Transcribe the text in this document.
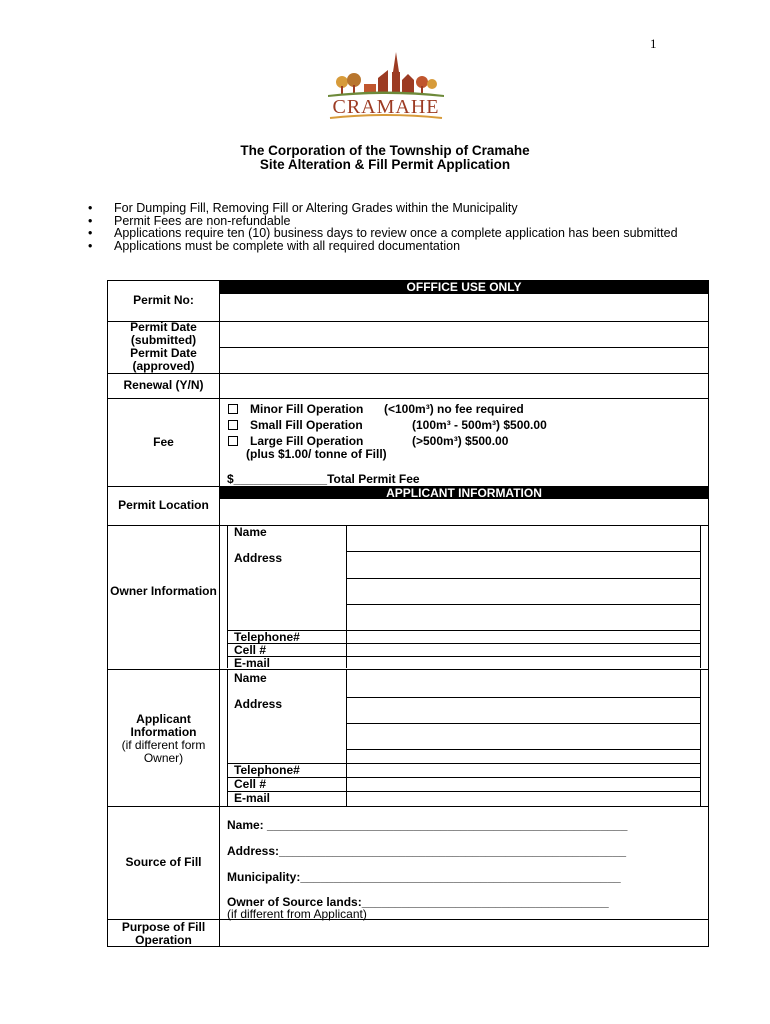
1
CRAMAHE
The Corporation of the Township of Cramahe
Site Alteration & Fill Permit Application
• For Dumping Fill, Removing Fill or Altering Grades within the Municipality
• Permit Fees are non-refundable
• Applications require ten (10) business days to review once a complete application has been submitted
• Applications must be complete with all required documentation
OFFFICE USE ONLY
Permit No:
Permit Date (submitted)
Permit Date (approved)
Renewal (Y/N)
Fee
Minor Fill Operation (<100m³) no fee required
Small Fill Operation	(100m³ - 500m³) $500.00
Large Fill Operation	(>500m³) $500.00
(plus $1.00/ tonne of Fill)
$______________Total Permit Fee
APPLICANT INFORMATION
Permit Location
Owner Information
Name
Address
Telephone#
Cell #
E-mail
Applicant Information
(if different form Owner)
Name
Address
Telephone#
Cell #
E-mail
Source of Fill
Name: ______________________________________________________
Address:____________________________________________________
Municipality:________________________________________________
Owner of Source lands:_____________________________________
(if different from Applicant)
Purpose of Fill Operation
